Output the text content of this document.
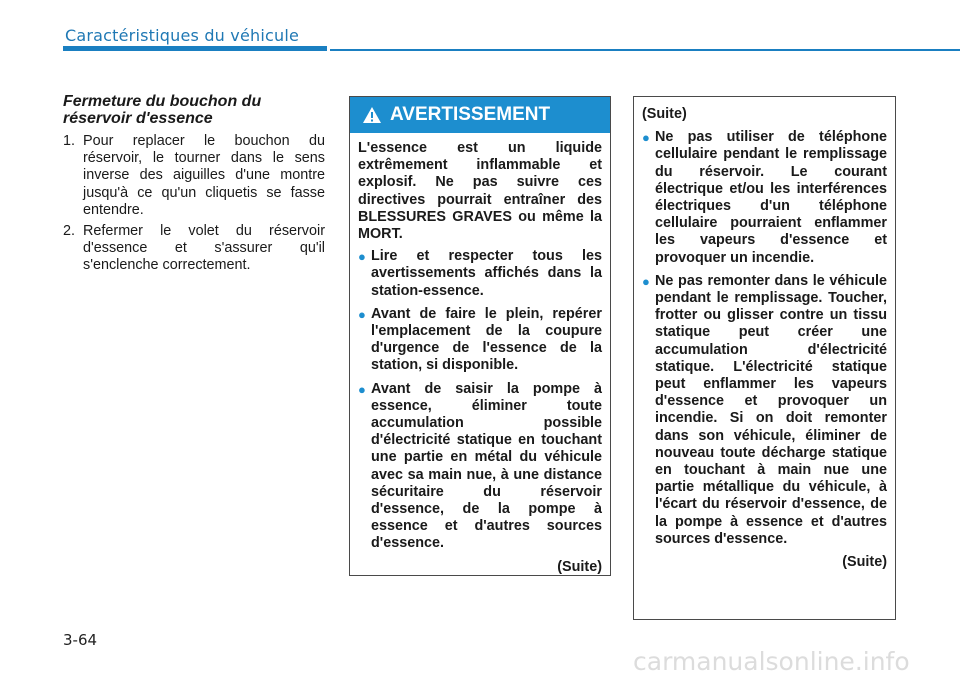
Caractéristiques du véhicule
Fermeture du bouchon du réservoir d'essence
1. Pour replacer le bouchon du réservoir, le tourner dans le sens inverse des aiguilles d'une montre jusqu'à ce qu'un cliquetis se fasse entendre.
2. Refermer le volet du réservoir d'essence et s'assurer qu'il s'enclenche correctement.
AVERTISSEMENT

L'essence est un liquide extrêmement inflammable et explosif. Ne pas suivre ces directives pourrait entraîner des BLESSURES GRAVES ou même la MORT.

● Lire et respecter tous les avertissements affichés dans la station-essence.
● Avant de faire le plein, repérer l'emplacement de la coupure d'urgence de l'essence de la station, si disponible.
● Avant de saisir la pompe à essence, éliminer toute accumulation possible d'électricité statique en touchant une partie en métal du véhicule avec sa main nue, à une distance sécuritaire du réservoir d'essence, de la pompe à essence et d'autres sources d'essence.
(Suite)
(Suite)
● Ne pas utiliser de téléphone cellulaire pendant le remplissage du réservoir. Le courant électrique et/ou les interférences électriques d'un téléphone cellulaire pourraient enflammer les vapeurs d'essence et provoquer un incendie.
● Ne pas remonter dans le véhicule pendant le remplissage. Toucher, frotter ou glisser contre un tissu statique peut créer une accumulation d'électricité statique. L'électricité statique peut enflammer les vapeurs d'essence et provoquer un incendie. Si on doit remonter dans son véhicule, éliminer de nouveau toute décharge statique en touchant à main nue une partie métallique du véhicule, à l'écart du réservoir d'essence, de la pompe à essence et d'autres sources d'essence.
(Suite)
3-64
carmanualsonline.info
